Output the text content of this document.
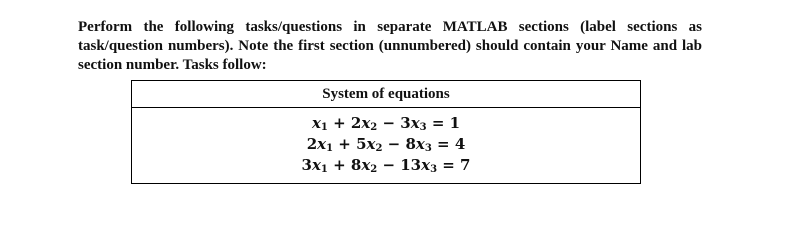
Perform the following tasks/questions in separate MATLAB sections (label sections as task/question numbers). Note the first section (unnumbered) should contain your Name and lab section number. Tasks follow:

System of equations
$x_1 + 2x_2 - 3x_3 = 1$
$2x_1 + 5x_2 - 8x_3 = 4$
$3x_1 + 8x_2 - 13x_3 = 7$
